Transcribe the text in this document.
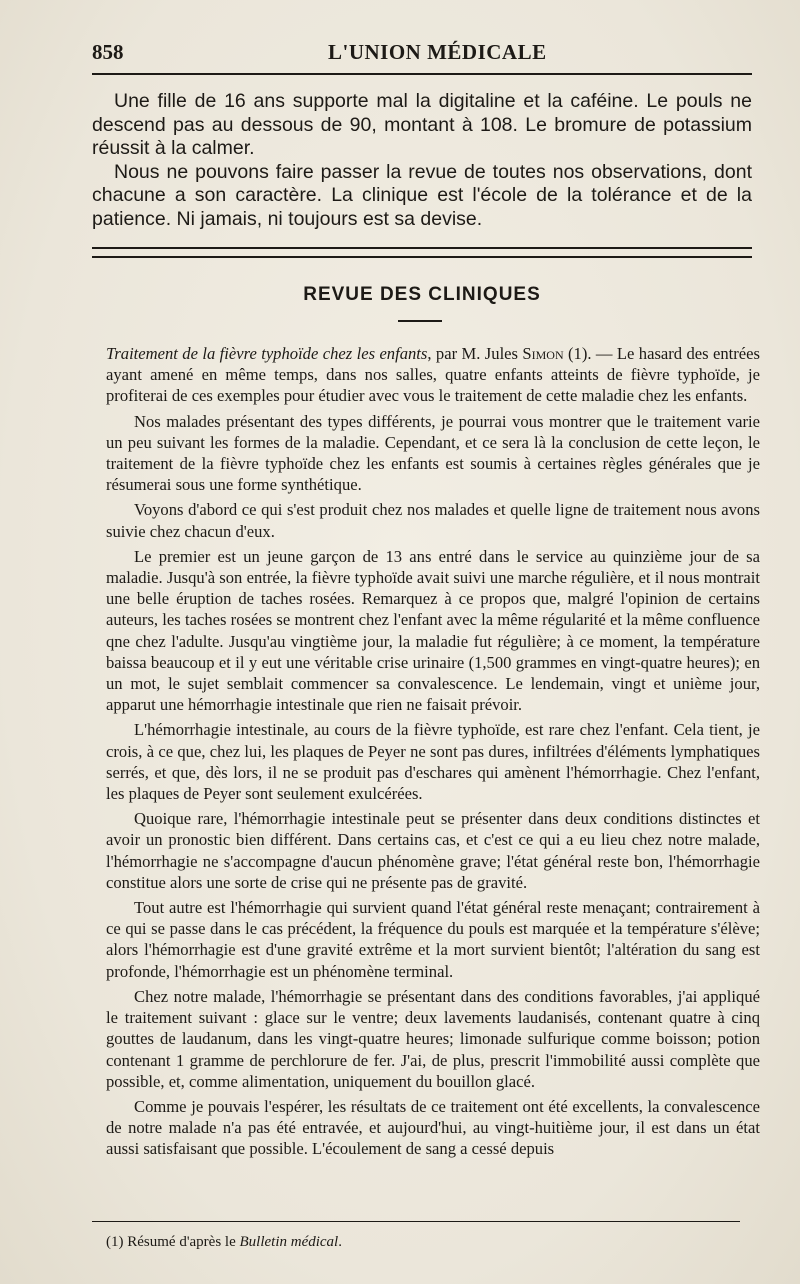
858	L'UNION MÉDICALE

Une fille de 16 ans supporte mal la digitaline et la caféine. Le pouls ne descend pas au dessous de 90, montant à 108. Le bromure de potassium réussit à la calmer.

Nous ne pouvons faire passer la revue de toutes nos observations, dont chacune a son caractère. La clinique est l'école de la tolérance et de la patience. Ni jamais, ni toujours est sa devise.

REVUE DES CLINIQUES

Traitement de la fièvre typhoïde chez les enfants, par M. Jules Simon (1). — Le hasard des entrées ayant amené en même temps, dans nos salles, quatre enfants atteints de fièvre typhoïde, je profiterai de ces exemples pour étudier avec vous le traitement de cette maladie chez les enfants.

Nos malades présentant des types différents, je pourrai vous montrer que le traitement varie un peu suivant les formes de la maladie. Cependant, et ce sera là la conclusion de cette leçon, le traitement de la fièvre typhoïde chez les enfants est soumis à certaines règles générales que je résumerai sous une forme synthétique.

Voyons d'abord ce qui s'est produit chez nos malades et quelle ligne de traitement nous avons suivie chez chacun d'eux.

Le premier est un jeune garçon de 13 ans entré dans le service au quinzième jour de sa maladie. Jusqu'à son entrée, la fièvre typhoïde avait suivi une marche régulière, et il nous montrait une belle éruption de taches rosées. Remarquez à ce propos que, malgré l'opinion de certains auteurs, les taches rosées se montrent chez l'enfant avec la même régularité et la même confluence qne chez l'adulte. Jusqu'au vingtième jour, la maladie fut régulière; à ce moment, la température baissa beaucoup et il y eut une véritable crise urinaire (1,500 grammes en vingt-quatre heures); en un mot, le sujet semblait commencer sa convalescence. Le lendemain, vingt et unième jour, apparut une hémorrhagie intestinale que rien ne faisait prévoir.

L'hémorrhagie intestinale, au cours de la fièvre typhoïde, est rare chez l'enfant. Cela tient, je crois, à ce que, chez lui, les plaques de Peyer ne sont pas dures, infiltrées d'éléments lymphatiques serrés, et que, dès lors, il ne se produit pas d'eschares qui amènent l'hémorrhagie. Chez l'enfant, les plaques de Peyer sont seulement exulcérées.

Quoique rare, l'hémorrhagie intestinale peut se présenter dans deux conditions distinctes et avoir un pronostic bien différent. Dans certains cas, et c'est ce qui a eu lieu chez notre malade, l'hémorrhagie ne s'accompagne d'aucun phénomène grave; l'état général reste bon, l'hémorrhagie constitue alors une sorte de crise qui ne présente pas de gravité.

Tout autre est l'hémorrhagie qui survient quand l'état général reste menaçant; contrairement à ce qui se passe dans le cas précédent, la fréquence du pouls est marquée et la température s'élève; alors l'hémorrhagie est d'une gravité extrême et la mort survient bientôt; l'altération du sang est profonde, l'hémorrhagie est un phénomène terminal.

Chez notre malade, l'hémorrhagie se présentant dans des conditions favorables, j'ai appliqué le traitement suivant : glace sur le ventre; deux lavements laudanisés, contenant quatre à cinq gouttes de laudanum, dans les vingt-quatre heures; limonade sulfurique comme boisson; potion contenant 1 gramme de perchlorure de fer. J'ai, de plus, prescrit l'immobilité aussi complète que possible, et, comme alimentation, uniquement du bouillon glacé.

Comme je pouvais l'espérer, les résultats de ce traitement ont été excellents, la convalescence de notre malade n'a pas été entravée, et aujourd'hui, au vingt-huitième jour, il est dans un état aussi satisfaisant que possible. L'écoulement de sang a cessé depuis

(1) Résumé d'après le Bulletin médical.
